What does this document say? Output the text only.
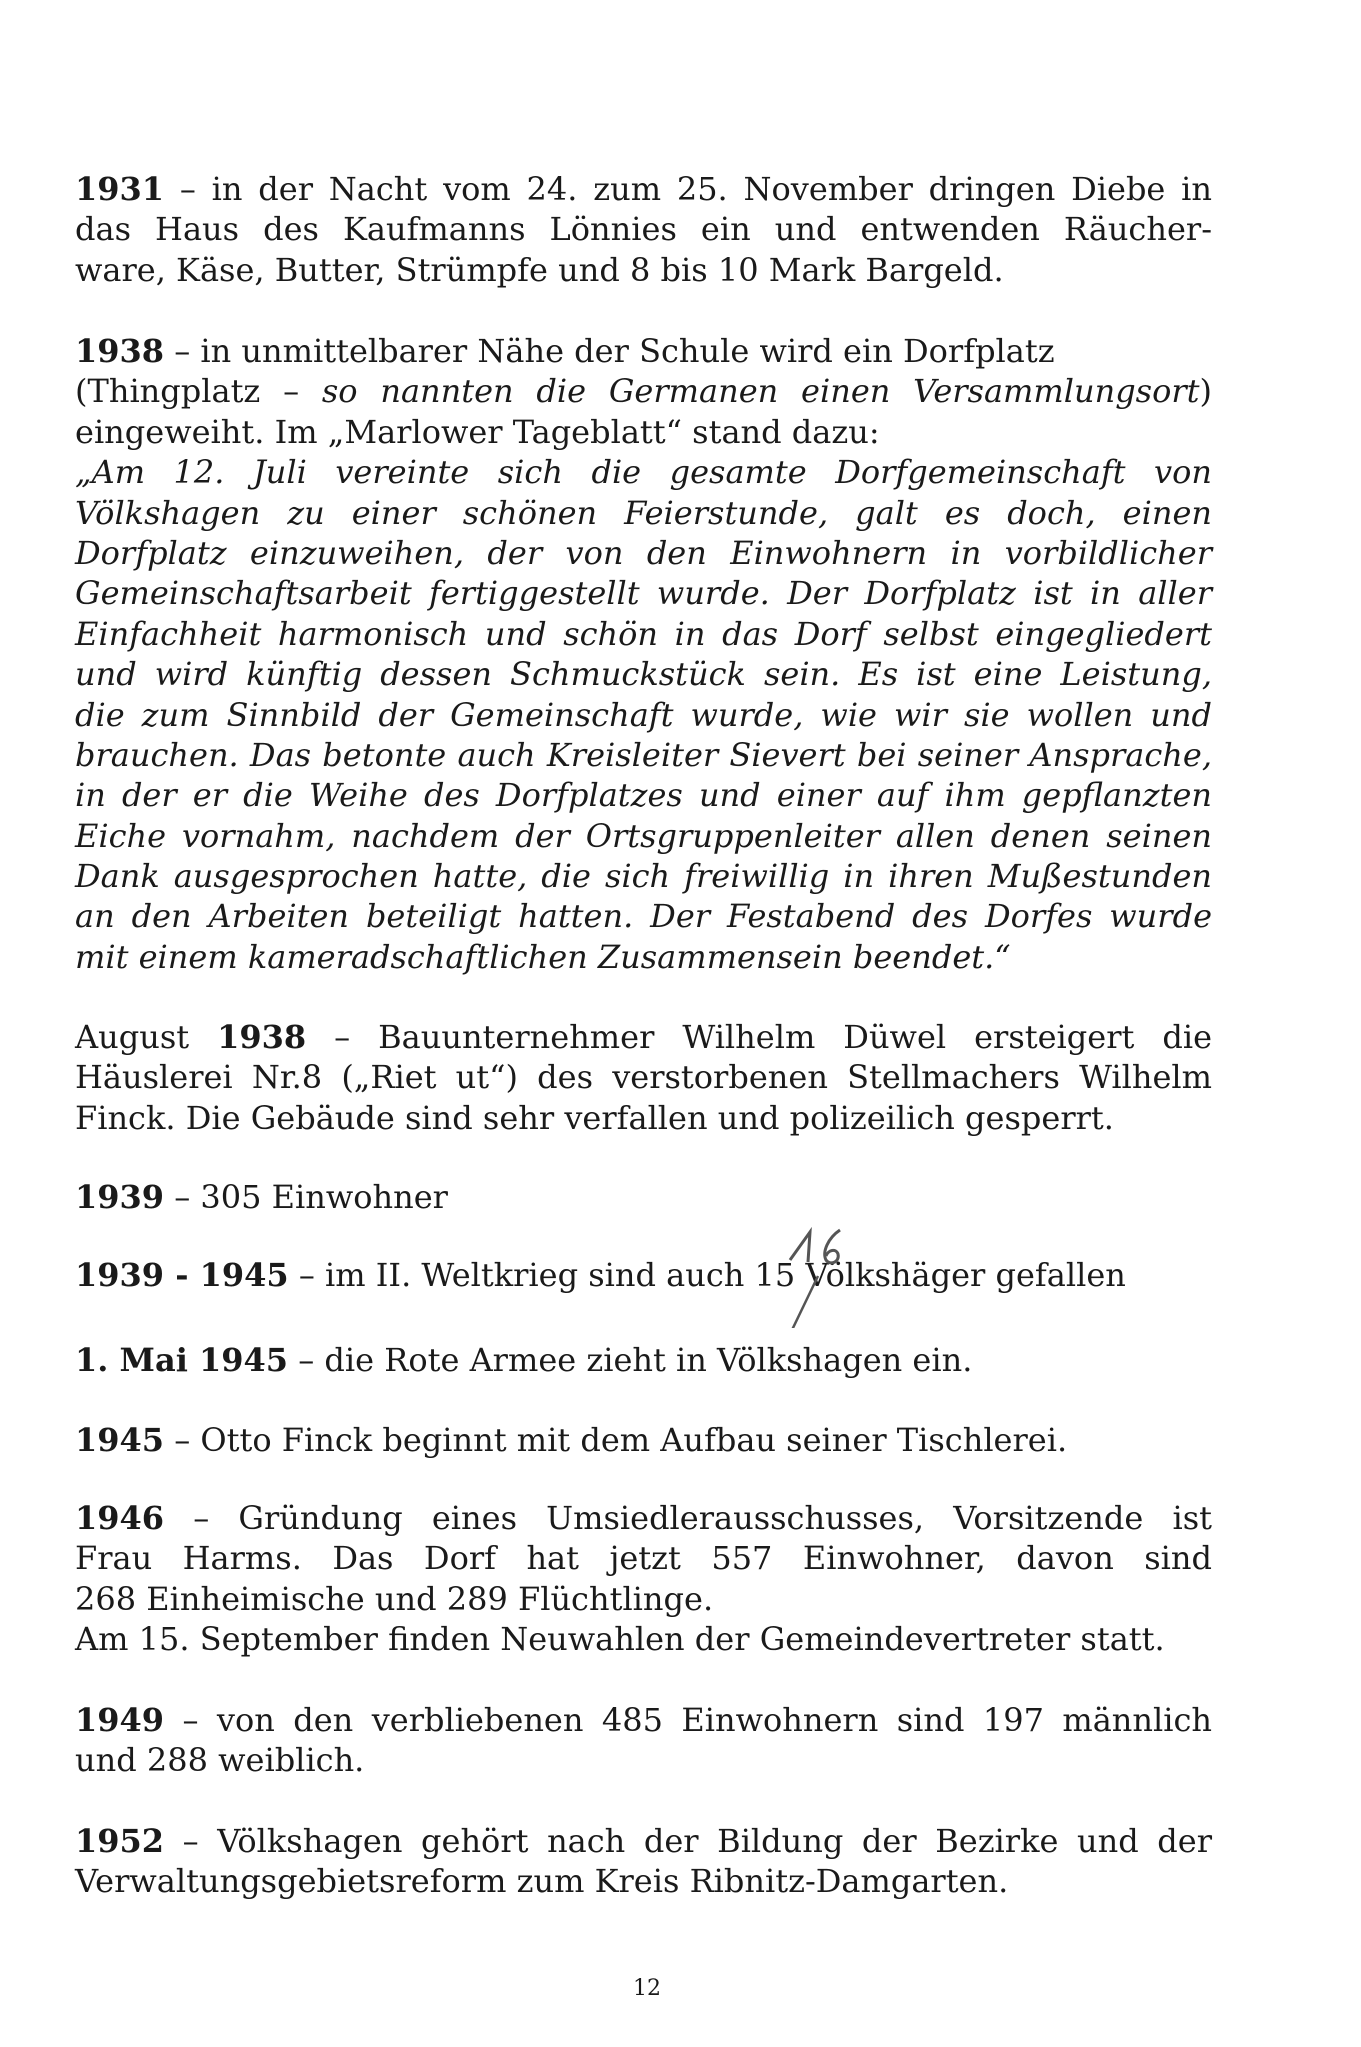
1931 – in der Nacht vom 24. zum 25. November dringen Diebe in
das Haus des Kaufmanns Lönnies ein und entwenden Räucher-
ware, Käse, Butter, Strümpfe und 8 bis 10 Mark Bargeld.
1938 – in unmittelbarer Nähe der Schule wird ein Dorfplatz
(Thingplatz – so nannten die Germanen einen Versammlungsort)
eingeweiht. Im „Marlower Tageblatt“ stand dazu:
„Am 12. Juli vereinte sich die gesamte Dorfgemeinschaft von
Völkshagen zu einer schönen Feierstunde, galt es doch, einen
Dorfplatz einzuweihen, der von den Einwohnern in vorbildlicher
Gemeinschaftsarbeit fertiggestellt wurde. Der Dorfplatz ist in aller
Einfachheit harmonisch und schön in das Dorf selbst eingegliedert
und wird künftig dessen Schmuckstück sein. Es ist eine Leistung,
die zum Sinnbild der Gemeinschaft wurde, wie wir sie wollen und
brauchen. Das betonte auch Kreisleiter Sievert bei seiner Ansprache,
in der er die Weihe des Dorfplatzes und einer auf ihm gepflanzten
Eiche vornahm, nachdem der Ortsgruppenleiter allen denen seinen
Dank ausgesprochen hatte, die sich freiwillig in ihren Mußestunden
an den Arbeiten beteiligt hatten. Der Festabend des Dorfes wurde
mit einem kameradschaftlichen Zusammensein beendet.“
August 1938 – Bauunternehmer Wilhelm Düwel ersteigert die
Häuslerei Nr.8 („Riet ut“) des verstorbenen Stellmachers Wilhelm
Finck. Die Gebäude sind sehr verfallen und polizeilich gesperrt.
1939 – 305 Einwohner
1939 - 1945 – im II. Weltkrieg sind auch 15 Völkshäger gefallen
1. Mai 1945 – die Rote Armee zieht in Völkshagen ein.
1945 – Otto Finck beginnt mit dem Aufbau seiner Tischlerei.
1946 – Gründung eines Umsiedlerausschusses, Vorsitzende ist
Frau Harms. Das Dorf hat jetzt 557 Einwohner, davon sind
268 Einheimische und 289 Flüchtlinge.
Am 15. September finden Neuwahlen der Gemeindevertreter statt.
1949 – von den verbliebenen 485 Einwohnern sind 197 männlich
und 288 weiblich.
1952 – Völkshagen gehört nach der Bildung der Bezirke und der
Verwaltungsgebietsreform zum Kreis Ribnitz-Damgarten.
12
